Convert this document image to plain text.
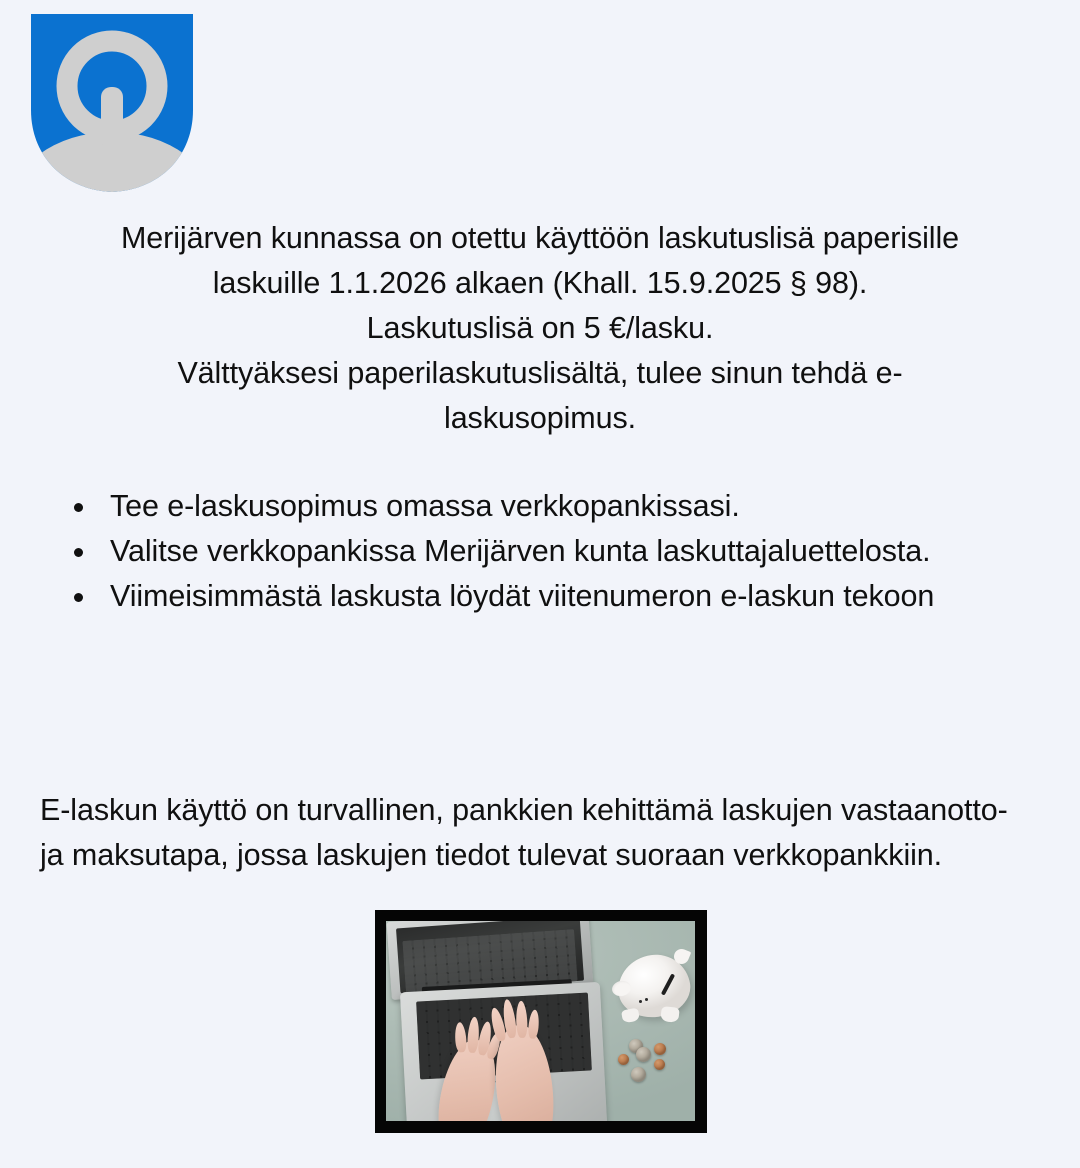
Merijärven kunnassa on otettu käyttöön laskutuslisä paperisille
laskuille 1.1.2026 alkaen (Khall. 15.9.2025 § 98).
Laskutuslisä on 5 €/lasku.
Välttyäksesi paperilaskutuslisältä, tulee sinun tehdä e-
laskusopimus.
Tee e-laskusopimus omassa verkkopankissasi.
Valitse verkkopankissa Merijärven kunta laskuttajaluettelosta.
Viimeisimmästä laskusta löydät viitenumeron e-laskun tekoon

E-laskun käyttö on turvallinen, pankkien kehittämä laskujen vastaanotto- ja maksutapa, jossa laskujen tiedot tulevat suoraan verkkopankkiin.
